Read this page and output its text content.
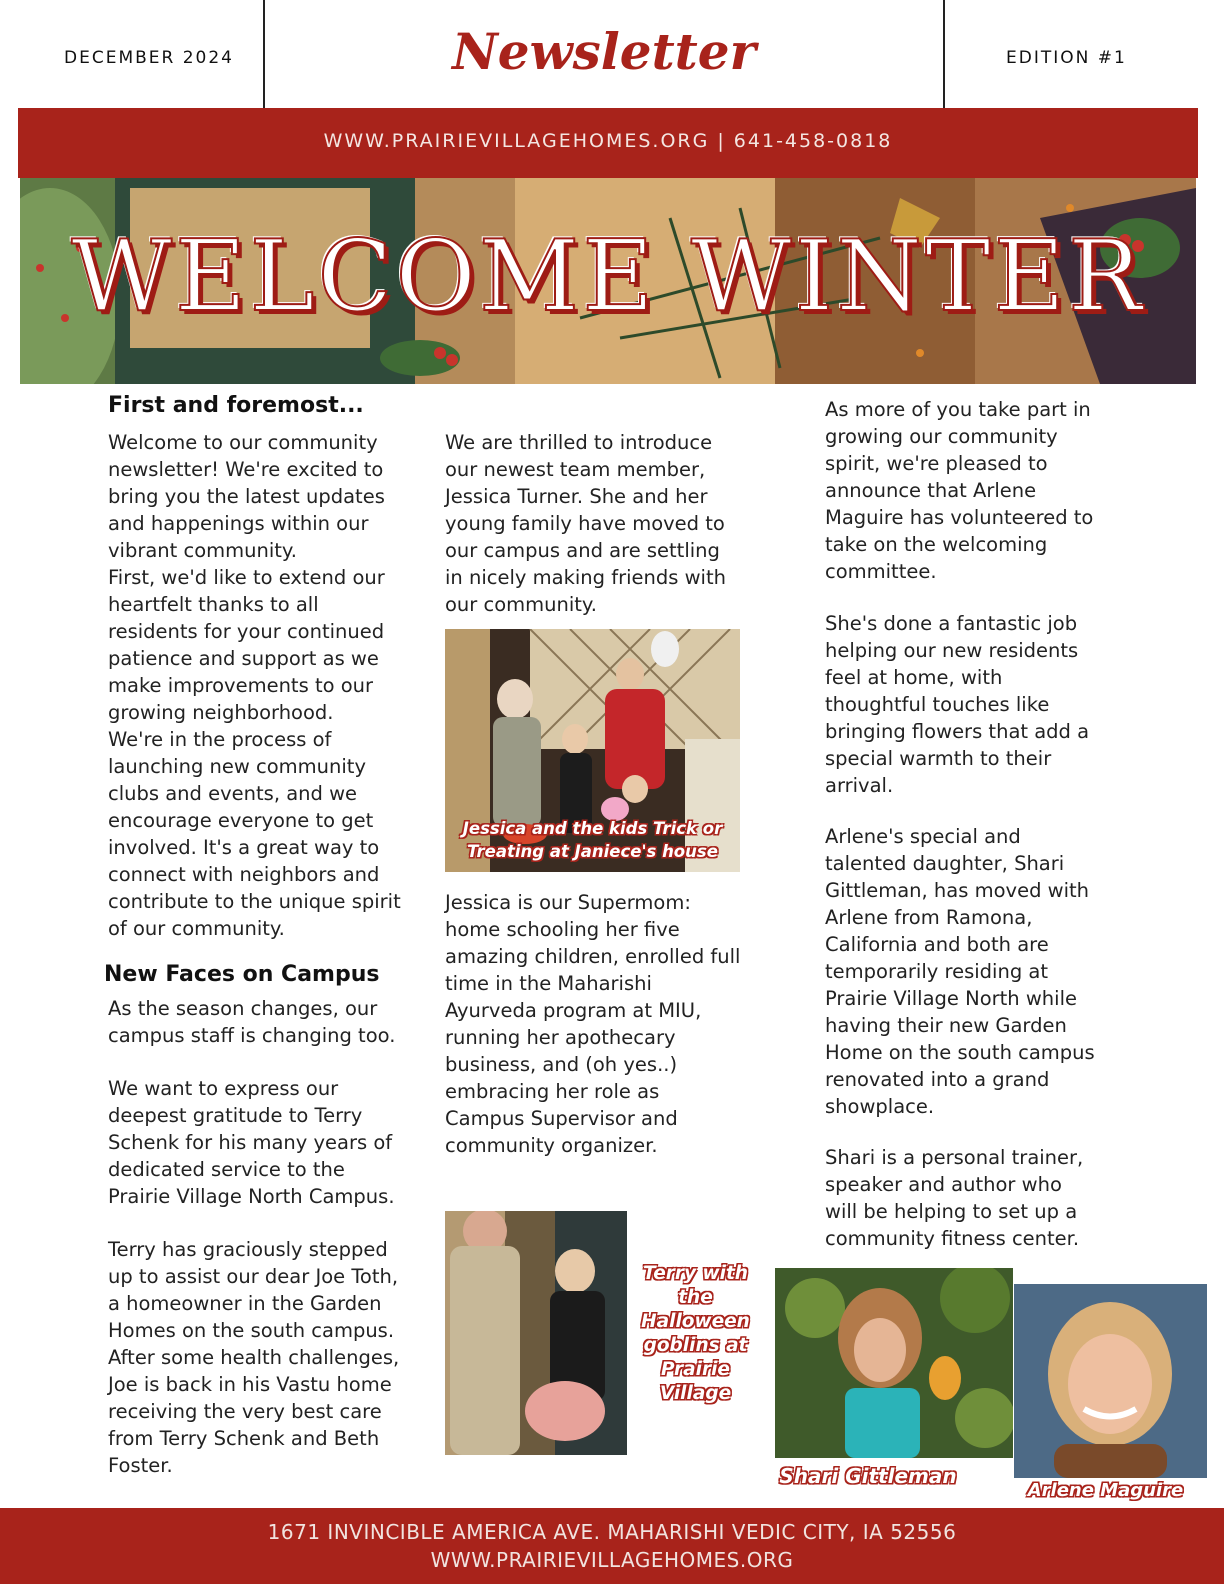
DECEMBER 2024	Newsletter	EDITION #1
WWW.PRAIRIEVILLAGEHOMES.ORG | 641-458-0818
WELCOME WINTER
First and foremost...
Welcome to our community
newsletter! We're excited to
bring you the latest updates
and happenings within our
vibrant community.
First, we'd like to extend our
heartfelt thanks to all
residents for your continued
patience and support as we
make improvements to our
growing neighborhood.
We're in the process of
launching new community
clubs and events, and we
encourage everyone to get
involved. It's a great way to
connect with neighbors and
contribute to the unique spirit
of our community.
New Faces on Campus
As the season changes, our
campus staff is changing too.
We want to express our
deepest gratitude to Terry
Schenk for his many years of
dedicated service to the
Prairie Village North Campus.
Terry has graciously stepped
up to assist our dear Joe Toth,
a homeowner in the Garden
Homes on the south campus.
After some health challenges,
Joe is back in his Vastu home
receiving the very best care
from Terry Schenk and Beth
Foster.
We are thrilled to introduce
our newest team member,
Jessica Turner. She and her
young family have moved to
our campus and are settling
in nicely making friends with
our community.
Jessica and the kids Trick or
Treating at Janiece's house
Jessica is our Supermom:
home schooling her five
amazing children, enrolled full
time in the Maharishi
Ayurveda program at MIU,
running her apothecary
business, and (oh yes..)
embracing her role as
Campus Supervisor and
community organizer.
Terry with
the
Halloween
goblins at
Prairie
Village
As more of you take part in
growing our community
spirit, we're pleased to
announce that Arlene
Maguire has volunteered to
take on the welcoming
committee.
She's done a fantastic job
helping our new residents
feel at home, with
thoughtful touches like
bringing flowers that add a
special warmth to their
arrival.
Arlene's special and
talented daughter, Shari
Gittleman, has moved with
Arlene from Ramona,
California and both are
temporarily residing at
Prairie Village North while
having their new Garden
Home on the south campus
renovated into a grand
showplace.
Shari is a personal trainer,
speaker and author who
will be helping to set up a
community fitness center.
Shari Gittleman
Arlene Maguire
1671 INVINCIBLE AMERICA AVE. MAHARISHI VEDIC CITY, IA 52556
WWW.PRAIRIEVILLAGEHOMES.ORG
